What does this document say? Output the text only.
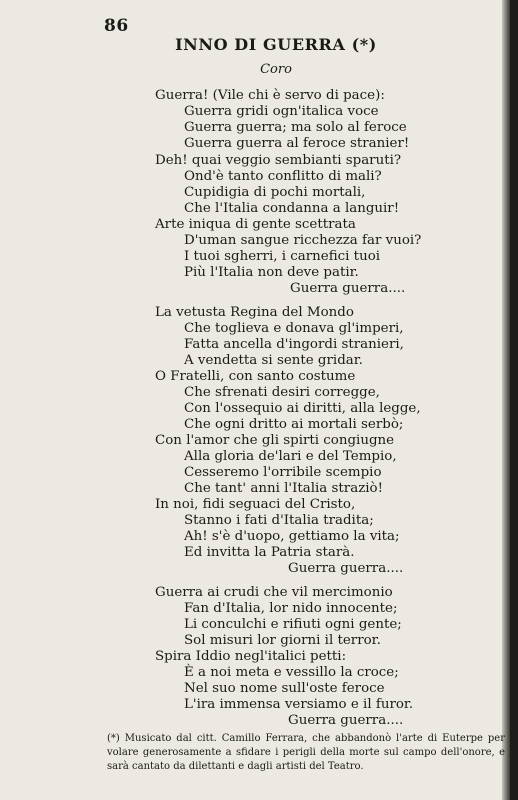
86
INNO DI GUERRA (*)
Coro
Guerra! (Vile chi è servo di pace):
Guerra gridi ogn'italica voce
Guerra guerra; ma solo al feroce
Guerra guerra al feroce stranier!
Deh! quai veggio sembianti sparuti?
Ond'è tanto conflitto di mali?
Cupidigia di pochi mortali,
Che l'Italia condanna a languir!
Arte iniqua di gente scettrata
D'uman sangue ricchezza far vuoi?
I tuoi sgherri, i carnefici tuoi
Più l'Italia non deve patir.
Guerra guerra....
La vetusta Regina del Mondo
Che toglieva e donava gl'imperi,
Fatta ancella d'ingordi stranieri,
A vendetta si sente gridar.
O Fratelli, con santo costume
Che sfrenati desiri corregge,
Con l'ossequio ai diritti, alla legge,
Che ogni dritto ai mortali serbò;
Con l'amor che gli spirti congiugne
Alla gloria de'lari e del Tempio,
Cesseremo l'orribile scempio
Che tant' anni l'Italia straziò!
In noi, fidi seguaci del Cristo,
Stanno i fati d'Italia tradita;
Ah! s'è d'uopo, gettiamo la vita;
Ed invitta la Patria starà.
Guerra guerra....
Guerra ai crudi che vil mercimonio
Fan d'Italia, lor nido innocente;
Li conculchi e rifiuti ogni gente;
Sol misuri lor giorni il terror.
Spira Iddio negl'italici petti:
È a noi meta e vessillo la croce;
Nel suo nome sull'oste feroce
L'ira immensa versiamo e il furor.
Guerra guerra....
(*) Musicato dal citt. Camillo Ferrara, che abbandonò l'arte di Euterpe per volare generosamente a sfidare i perigli della morte sul campo dell'onore, e sarà cantato da dilettanti e dagli artisti del Teatro.
